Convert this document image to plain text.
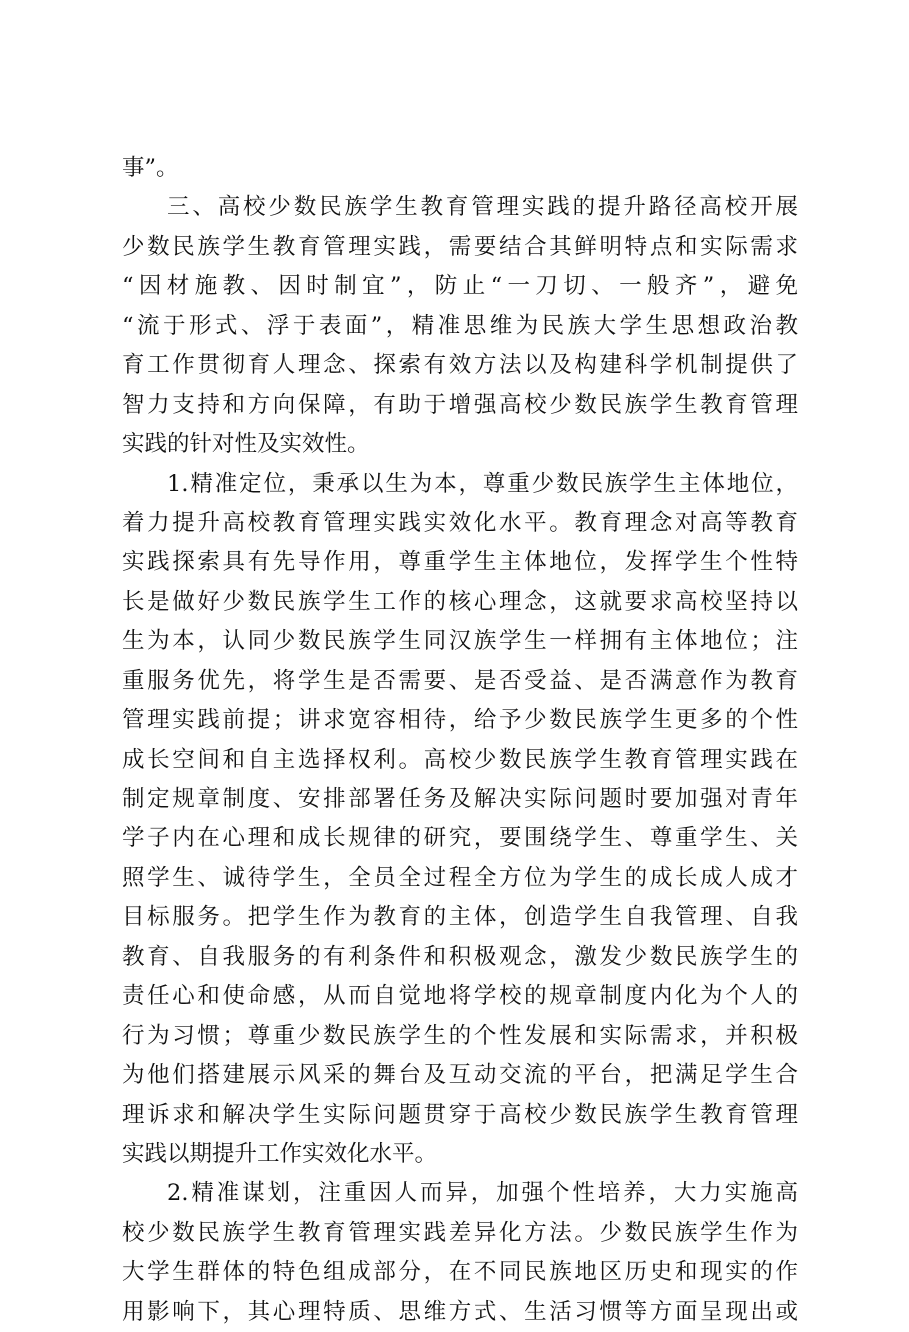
事”。
三、高校少数民族学生教育管理实践的提升路径高校开展
少数民族学生教育管理实践，需要结合其鲜明特点和实际需求
“因材施教、因时制宜”，防止“一刀切、一般齐”，避免
“流于形式、浮于表面”，精准思维为民族大学生思想政治教
育工作贯彻育人理念、探索有效方法以及构建科学机制提供了
智力支持和方向保障，有助于增强高校少数民族学生教育管理
实践的针对性及实效性。
1.精准定位，秉承以生为本，尊重少数民族学生主体地位，
着力提升高校教育管理实践实效化水平。教育理念对高等教育
实践探索具有先导作用，尊重学生主体地位，发挥学生个性特
长是做好少数民族学生工作的核心理念，这就要求高校坚持以
生为本，认同少数民族学生同汉族学生一样拥有主体地位；注
重服务优先，将学生是否需要、是否受益、是否满意作为教育
管理实践前提；讲求宽容相待，给予少数民族学生更多的个性
成长空间和自主选择权利。高校少数民族学生教育管理实践在
制定规章制度、安排部署任务及解决实际问题时要加强对青年
学子内在心理和成长规律的研究，要围绕学生、尊重学生、关
照学生、诚待学生，全员全过程全方位为学生的成长成人成才
目标服务。把学生作为教育的主体，创造学生自我管理、自我
教育、自我服务的有利条件和积极观念，激发少数民族学生的
责任心和使命感，从而自觉地将学校的规章制度内化为个人的
行为习惯；尊重少数民族学生的个性发展和实际需求，并积极
为他们搭建展示风采的舞台及互动交流的平台，把满足学生合
理诉求和解决学生实际问题贯穿于高校少数民族学生教育管理
实践以期提升工作实效化水平。
2.精准谋划，注重因人而异，加强个性培养，大力实施高
校少数民族学生教育管理实践差异化方法。少数民族学生作为
大学生群体的特色组成部分，在不同民族地区历史和现实的作
用影响下，其心理特质、思维方式、生活习惯等方面呈现出或
